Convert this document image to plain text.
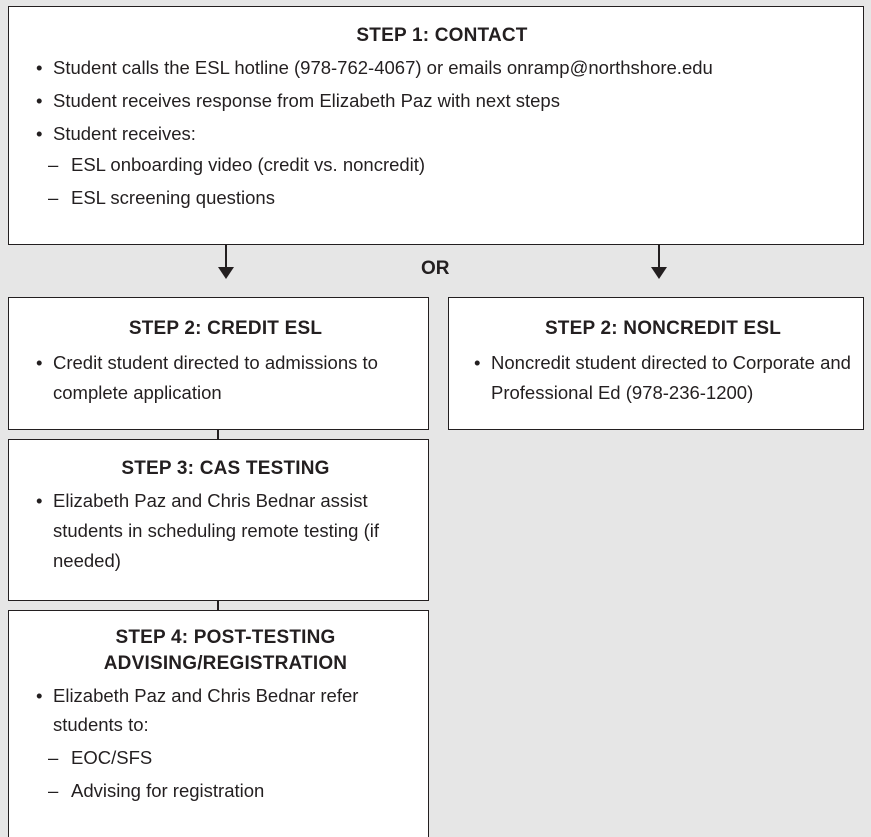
STEP 1: CONTACT
• Student calls the ESL hotline (978-762-4067) or emails onramp@northshore.edu
• Student receives response from Elizabeth Paz with next steps
• Student receives:
– ESL onboarding video (credit vs. noncredit)
– ESL screening questions
OR
STEP 2: CREDIT ESL
• Credit student directed to admissions to complete application
STEP 2: NONCREDIT ESL
• Noncredit student directed to Corporate and Professional Ed (978-236-1200)
STEP 3: CAS TESTING
• Elizabeth Paz and Chris Bednar assist students in scheduling remote testing (if needed)
STEP 4: POST-TESTING
ADVISING/REGISTRATION
• Elizabeth Paz and Chris Bednar refer students to:
– EOC/SFS
– Advising for registration
